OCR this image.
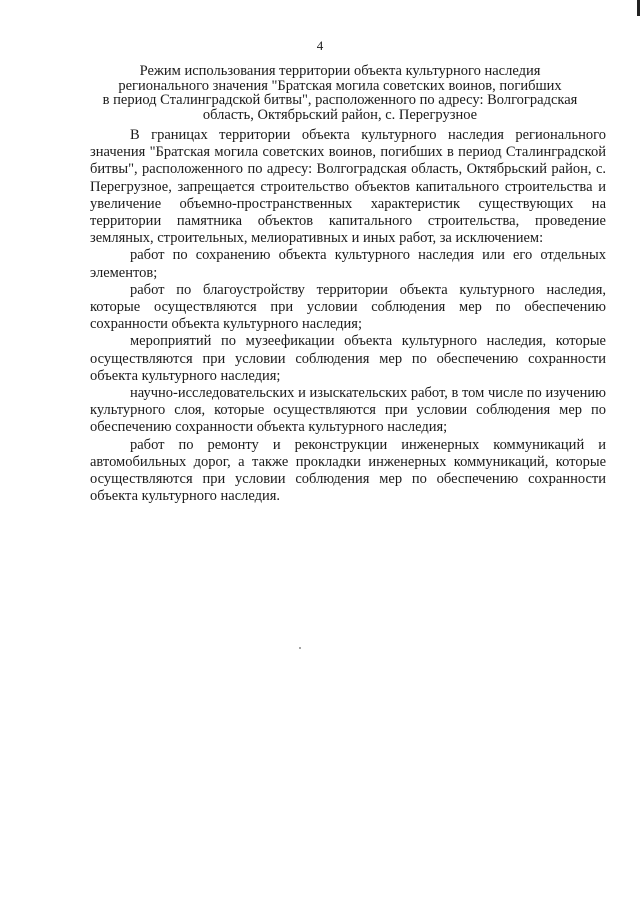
4
Режим использования территории объекта культурного наследия
регионального значения "Братская могила советских воинов, погибших
в период Сталинградской битвы", расположенного по адресу: Волгоградская
область, Октябрьский район, с. Перегрузное

В границах территории объекта культурного наследия регионального значения "Братская могила советских воинов, погибших в период Сталинградской битвы", расположенного по адресу: Волгоградская область, Октябрьский район, с. Перегрузное, запрещается строительство объектов капитального строительства и увеличение объемно-пространственных характеристик существующих на территории памятника объектов капитального строительства, проведение земляных, строительных, мелиоративных и иных работ, за исключением:

работ по сохранению объекта культурного наследия или его отдельных элементов;

работ по благоустройству территории объекта культурного наследия, которые осуществляются при условии соблюдения мер по обеспечению сохранности объекта культурного наследия;

мероприятий по музеефикации объекта культурного наследия, которые осуществляются при условии соблюдения мер по обеспечению сохранности объекта культурного наследия;

научно-исследовательских и изыскательских работ, в том числе по изучению культурного слоя, которые осуществляются при условии соблюдения мер по обеспечению сохранности объекта культурного наследия;

работ по ремонту и реконструкции инженерных коммуникаций и автомобильных дорог, а также прокладки инженерных коммуникаций, которые осуществляются при условии соблюдения мер по обеспечению сохранности объекта культурного наследия.
